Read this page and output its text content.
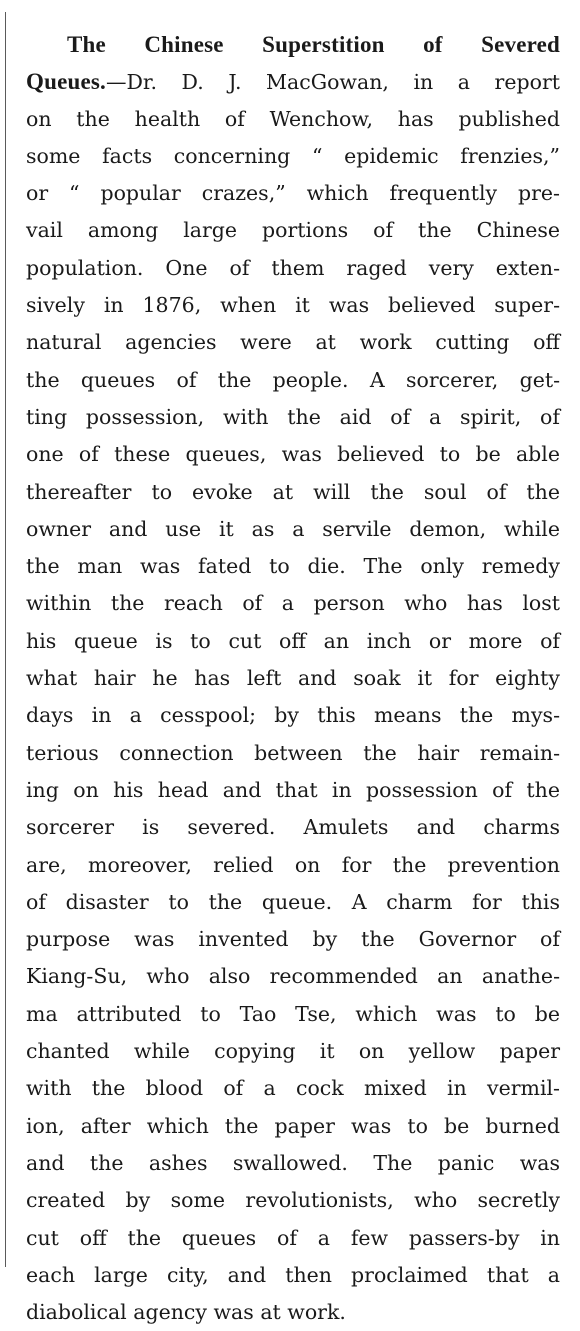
The Chinese Superstition of Severed
Queues.—Dr. D. J. MacGowan, in a report
on the health of Wenchow, has published
some facts concerning “ epidemic frenzies,”
or “ popular crazes,” which frequently pre-
vail among large portions of the Chinese
population. One of them raged very exten-
sively in 1876, when it was believed super-
natural agencies were at work cutting off
the queues of the people. A sorcerer, get-
ting possession, with the aid of a spirit, of
one of these queues, was believed to be able
thereafter to evoke at will the soul of the
owner and use it as a servile demon, while
the man was fated to die. The only remedy
within the reach of a person who has lost
his queue is to cut off an inch or more of
what hair he has left and soak it for eighty
days in a cesspool; by this means the mys-
terious connection between the hair remain-
ing on his head and that in possession of the
sorcerer is severed. Amulets and charms
are, moreover, relied on for the prevention
of disaster to the queue. A charm for this
purpose was invented by the Governor of
Kiang-Su, who also recommended an anathe-
ma attributed to Tao Tse, which was to be
chanted while copying it on yellow paper
with the blood of a cock mixed in vermil-
ion, after which the paper was to be burned
and the ashes swallowed. The panic was
created by some revolutionists, who secretly
cut off the queues of a few passers-by in
each large city, and then proclaimed that a
diabolical agency was at work.
